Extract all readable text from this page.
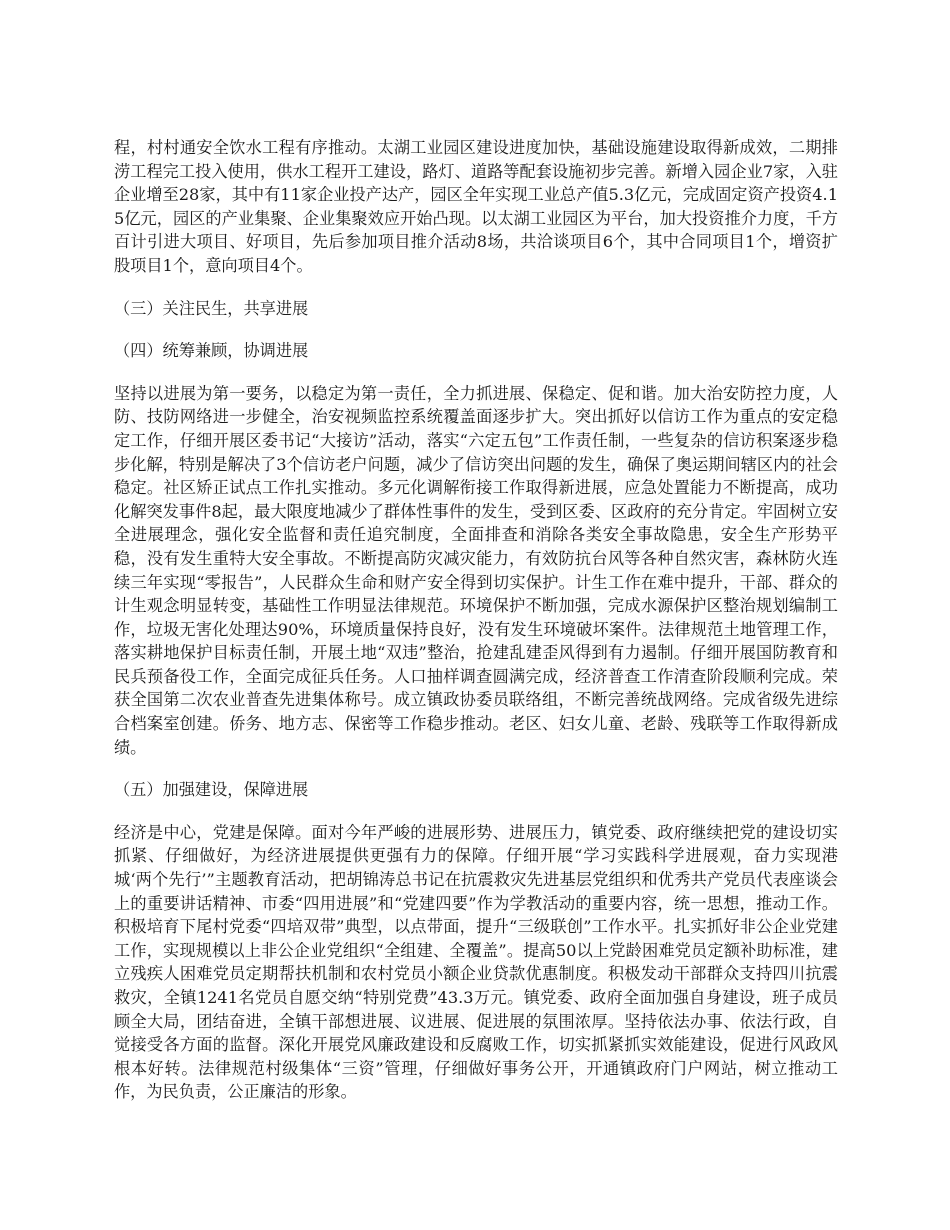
程，村村通安全饮水工程有序推动。太湖工业园区建设进度加快，基础设施建设取得新成效，二期排涝工程完工投入使用，供水工程开工建设，路灯、道路等配套设施初步完善。新增入园企业7家，入驻企业增至28家，其中有11家企业投产达产，园区全年实现工业总产值5.3亿元，完成固定资产投资4.15亿元，园区的产业集聚、企业集聚效应开始凸现。以太湖工业园区为平台，加大投资推介力度，千方百计引进大项目、好项目，先后参加项目推介活动8场，共洽谈项目6个，其中合同项目1个，增资扩股项目1个，意向项目4个。

（三）关注民生，共享进展

（四）统筹兼顾，协调进展

坚持以进展为第一要务，以稳定为第一责任，全力抓进展、保稳定、促和谐。加大治安防控力度，人防、技防网络进一步健全，治安视频监控系统覆盖面逐步扩大。突出抓好以信访工作为重点的安定稳定工作，仔细开展区委书记“大接访”活动，落实“六定五包”工作责任制，一些复杂的信访积案逐步稳步化解，特别是解决了3个信访老户问题，减少了信访突出问题的发生，确保了奥运期间辖区内的社会稳定。社区矫正试点工作扎实推动。多元化调解衔接工作取得新进展，应急处置能力不断提高，成功化解突发事件8起，最大限度地减少了群体性事件的发生，受到区委、区政府的充分肯定。牢固树立安全进展理念，强化安全监督和责任追究制度，全面排查和消除各类安全事故隐患，安全生产形势平稳，没有发生重特大安全事故。不断提高防灾减灾能力，有效防抗台风等各种自然灾害，森林防火连续三年实现“零报告”，人民群众生命和财产安全得到切实保护。计生工作在难中提升，干部、群众的计生观念明显转变，基础性工作明显法律规范。环境保护不断加强，完成水源保护区整治规划编制工作，垃圾无害化处理达90%，环境质量保持良好，没有发生环境破坏案件。法律规范土地管理工作，落实耕地保护目标责任制，开展土地“双违”整治，抢建乱建歪风得到有力遏制。仔细开展国防教育和民兵预备役工作，全面完成征兵任务。人口抽样调查圆满完成，经济普查工作清查阶段顺利完成。荣获全国第二次农业普查先进集体称号。成立镇政协委员联络组，不断完善统战网络。完成省级先进综合档案室创建。侨务、地方志、保密等工作稳步推动。老区、妇女儿童、老龄、残联等工作取得新成绩。

（五）加强建设，保障进展

经济是中心，党建是保障。面对今年严峻的进展形势、进展压力，镇党委、政府继续把党的建设切实抓紧、仔细做好，为经济进展提供更强有力的保障。仔细开展“学习实践科学进展观，奋力实现港城‘两个先行’”主题教育活动，把胡锦涛总书记在抗震救灾先进基层党组织和优秀共产党员代表座谈会上的重要讲话精神、市委“四用进展”和“党建四要”作为学教活动的重要内容，统一思想，推动工作。积极培育下尾村党委“四培双带”典型，以点带面，提升“三级联创”工作水平。扎实抓好非公企业党建工作，实现规模以上非公企业党组织“全组建、全覆盖”。提高50以上党龄困难党员定额补助标准，建立残疾人困难党员定期帮扶机制和农村党员小额企业贷款优惠制度。积极发动干部群众支持四川抗震救灾，全镇1241名党员自愿交纳“特别党费”43.3万元。镇党委、政府全面加强自身建设，班子成员顾全大局，团结奋进，全镇干部想进展、议进展、促进展的氛围浓厚。坚持依法办事、依法行政，自觉接受各方面的监督。深化开展党风廉政建设和反腐败工作，切实抓紧抓实效能建设，促进行风政风根本好转。法律规范村级集体“三资”管理，仔细做好事务公开，开通镇政府门户网站，树立推动工作，为民负责，公正廉洁的形象。
